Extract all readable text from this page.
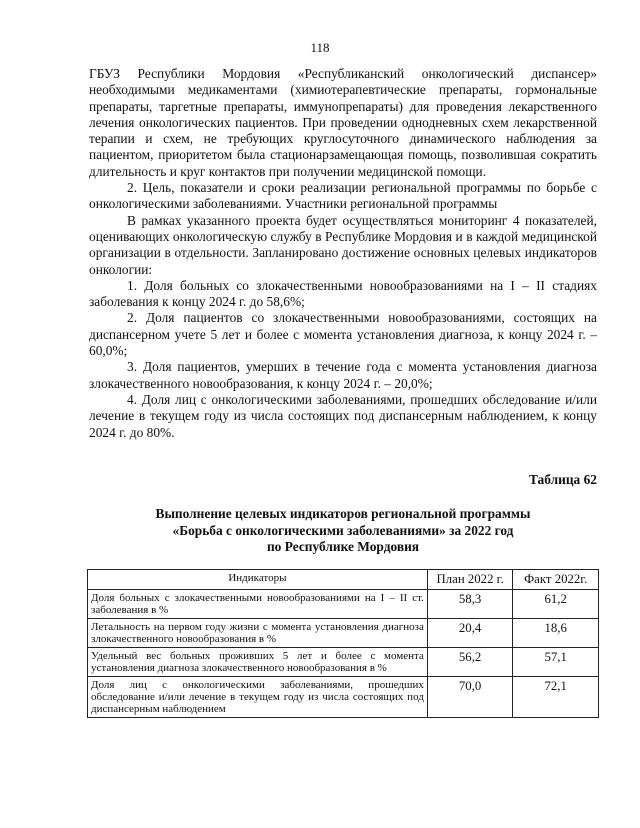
118

ГБУЗ Республики Мордовия «Республиканский онкологический диспансер» необходимыми медикаментами (химиотерапевтические препараты, гормональные препараты, таргетные препараты, иммунопрепараты) для проведения лекарственного лечения онкологических пациентов. При проведении однодневных схем лекарственной терапии и схем, не требующих круглосуточного динамического наблюдения за пациентом, приоритетом была стационарзамещающая помощь, позволившая сократить длительность и круг контактов при получении медицинской помощи.

2. Цель, показатели и сроки реализации региональной программы по борьбе с онкологическими заболеваниями. Участники региональной программы

В рамках указанного проекта будет осуществляться мониторинг 4 показателей, оценивающих онкологическую службу в Республике Мордовия и в каждой медицинской организации в отдельности. Запланировано достижение основных целевых индикаторов онкологии:

1. Доля больных со злокачественными новообразованиями на I – II стадиях заболевания к концу 2024 г. до 58,6%;

2. Доля пациентов со злокачественными новообразованиями, состоящих на диспансерном учете 5 лет и более с момента установления диагноза, к концу 2024 г. – 60,0%;

3. Доля пациентов, умерших в течение года с момента установления диагноза злокачественного новообразования, к концу 2024 г. – 20,0%;

4. Доля лиц с онкологическими заболеваниями, прошедших обследование и/или лечение в текущем году из числа состоящих под диспансерным наблюдением, к концу 2024 г. до 80%.

Таблица 62
Выполнение целевых индикаторов региональной программы
«Борьба с онкологическими заболеваниями» за 2022 год
по Республике Мордовия
Индикаторы	План 2022 г.	Факт 2022г.
Доля больных с злокачественными новообразованиями на I – II ст. заболевания в %	58,3	61,2
Летальность на первом году жизни с момента установления диагноза злокачественного новообразования в %	20,4	18,6
Удельный вес больных проживших 5 лет и более с момента установления диагноза злокачественного новообразования в %	56,2	57,1
Доля лиц с онкологическими заболеваниями, прошедших обследование и/или лечение в текущем году из числа состоящих под диспансерным наблюдением	70,0	72,1
